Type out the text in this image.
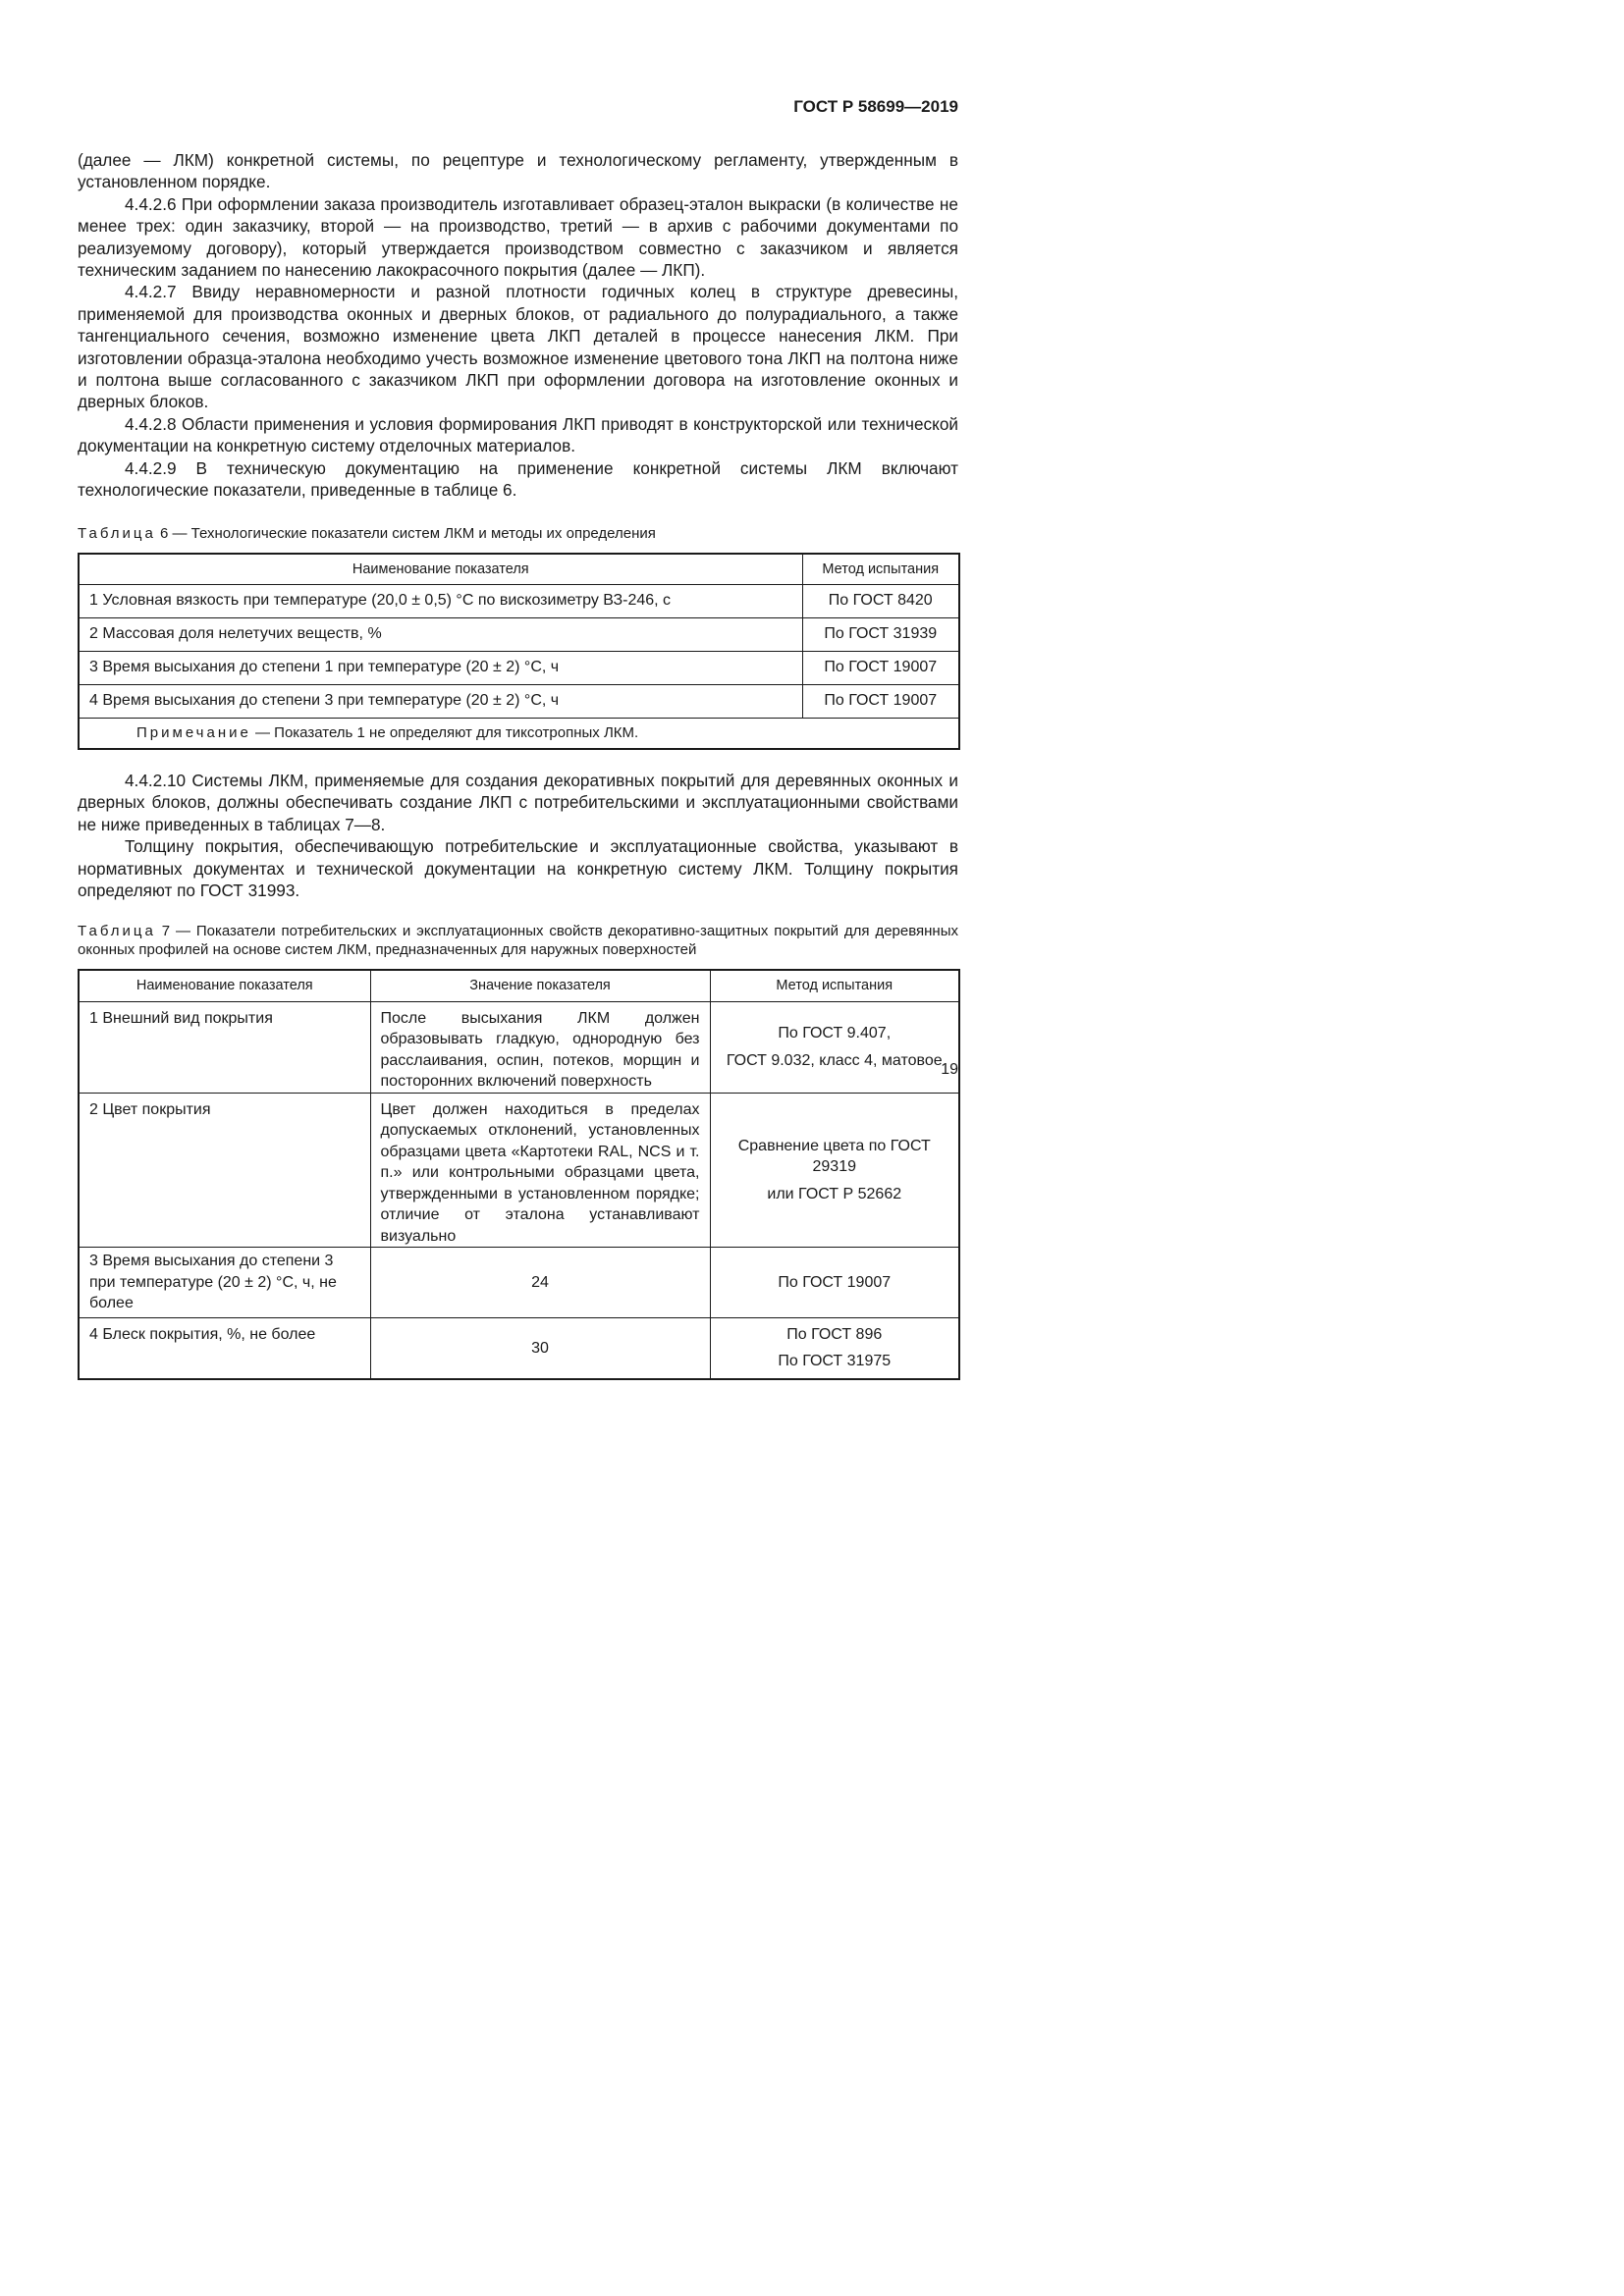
ГОСТ Р 58699—2019

(далее — ЛКМ) конкретной системы, по рецептуре и технологическому регламенту, утвержденным в установленном порядке.

4.4.2.6 При оформлении заказа производитель изготавливает образец-эталон выкраски (в количестве не менее трех: один заказчику, второй — на производство, третий — в архив с рабочими документами по реализуемому договору), который утверждается производством совместно с заказчиком и является техническим заданием по нанесению лакокрасочного покрытия (далее — ЛКП).

4.4.2.7 Ввиду неравномерности и разной плотности годичных колец в структуре древесины, применяемой для производства оконных и дверных блоков, от радиального до полурадиального, а также тангенциального сечения, возможно изменение цвета ЛКП деталей в процессе нанесения ЛКМ. При изготовлении образца-эталона необходимо учесть возможное изменение цветового тона ЛКП на полтона ниже и полтона выше согласованного с заказчиком ЛКП при оформлении договора на изготовление оконных и дверных блоков.

4.4.2.8 Области применения и условия формирования ЛКП приводят в конструкторской или технической документации на конкретную систему отделочных материалов.

4.4.2.9 В техническую документацию на применение конкретной системы ЛКМ включают технологические показатели, приведенные в таблице 6.

Таблица 6 — Технологические показатели систем ЛКМ и методы их определения
Наименование показателя	Метод испытания
1 Условная вязкость при температуре (20,0 ± 0,5) °С по вискозиметру ВЗ-246, с	По ГОСТ 8420
2 Массовая доля нелетучих веществ, %	По ГОСТ 31939
3 Время высыхания до степени 1 при температуре (20 ± 2) °С, ч	По ГОСТ 19007
4 Время высыхания до степени 3 при температуре (20 ± 2) °С, ч	По ГОСТ 19007
Примечание — Показатель 1 не определяют для тиксотропных ЛКМ.	

4.4.2.10 Системы ЛКМ, применяемые для создания декоративных покрытий для деревянных оконных и дверных блоков, должны обеспечивать создание ЛКП с потребительскими и эксплуатационными свойствами не ниже приведенных в таблицах 7—8.

Толщину покрытия, обеспечивающую потребительские и эксплуатационные свойства, указывают в нормативных документах и технической документации на конкретную систему ЛКМ. Толщину покрытия определяют по ГОСТ 31993.

Таблица 7 — Показатели потребительских и эксплуатационных свойств декоративно-защитных покрытий для деревянных оконных профилей на основе систем ЛКМ, предназначенных для наружных поверхностей
Наименование показателя	Значение показателя	Метод испытания
1 Внешний вид покрытия	После высыхания ЛКМ должен образовывать гладкую, однородную без расслаивания, оспин, потеков, морщин и посторонних включений поверхность	По ГОСТ 9.407,
ГОСТ 9.032, класс 4, матовое

2 Цвет покрытия	Цвет должен находиться в пределах допускаемых отклонений, установленных образцами цвета «Картотеки RAL, NCS и т. п.» или контрольными образцами цвета, утвержденными в установленном порядке; отличие от эталона устанавливают визуально	Сравнение цвета по ГОСТ 29319
или ГОСТ Р 52662

3 Время высыхания до степени 3 при температуре (20 ± 2) °С, ч, не более	24	По ГОСТ 19007

4 Блеск покрытия, %, не более	30	По ГОСТ 896
По ГОСТ 31975
19
